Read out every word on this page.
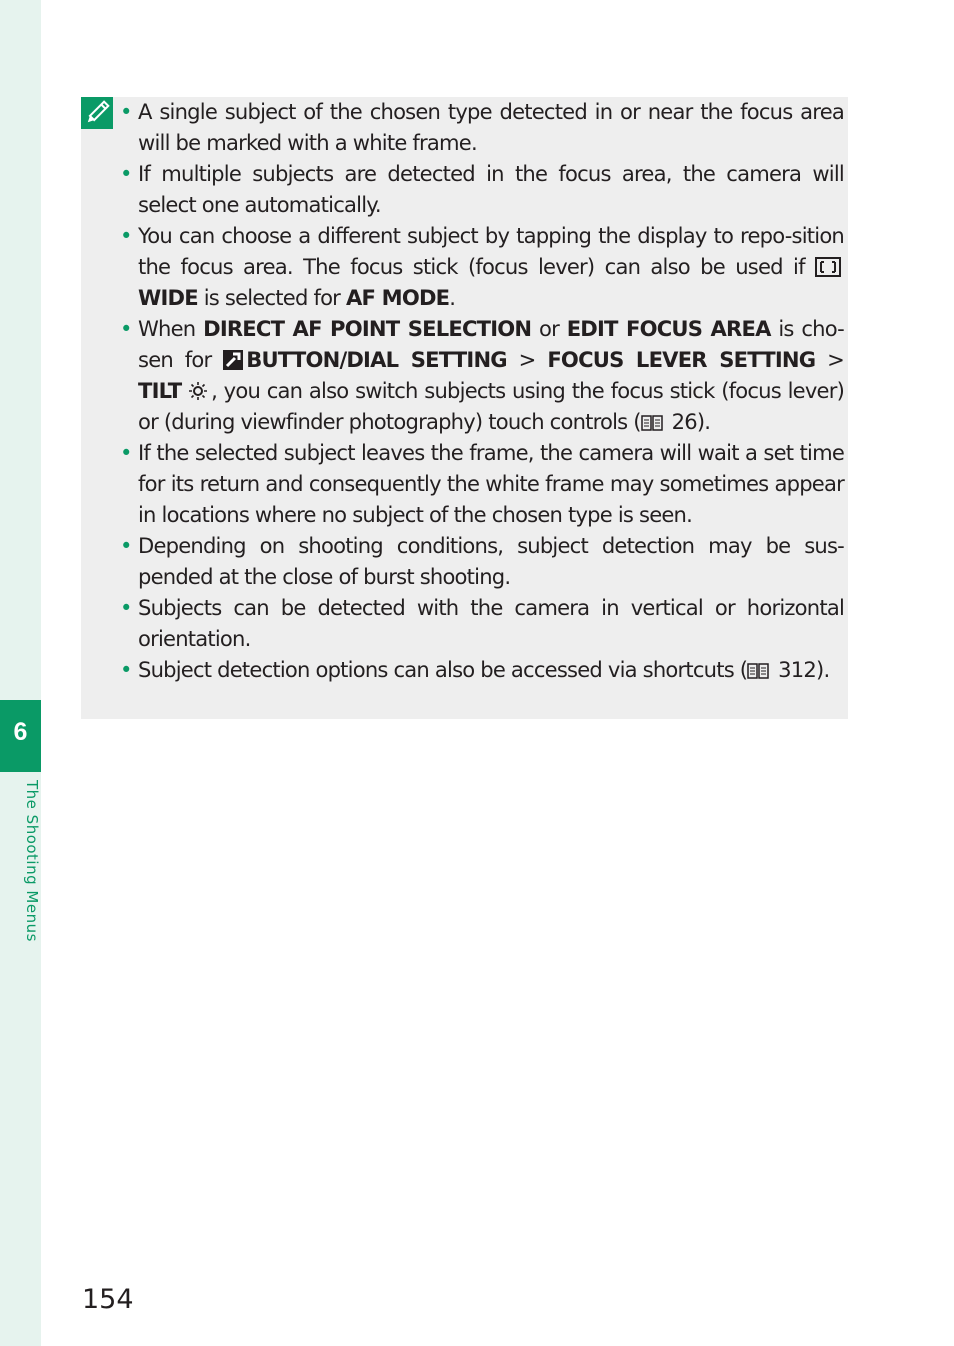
6
The Shooting Menus
• A single subject of the chosen type detected in or near the focus area will be marked with a white frame.
• If multiple subjects are detected in the focus area, the camera will select one automatically.
• You can choose a different subject by tapping the display to repo-sition the focus area. The focus stick (focus lever) can also be used if WIDE is selected for AF MODE.
• When DIRECT AF POINT SELECTION or EDIT FOCUS AREA is cho-sen for BUTTON/DIAL SETTING > FOCUS LEVER SETTING > TILT , you can also switch subjects using the focus stick (focus lever) or (during viewfinder photography) touch controls ( 26).
• If the selected subject leaves the frame, the camera will wait a set time for its return and consequently the white frame may sometimes appear in locations where no subject of the chosen type is seen.
• Depending on shooting conditions, subject detection may be sus-pended at the close of burst shooting.
• Subjects can be detected with the camera in vertical or horizontal orientation.
• Subject detection options can also be accessed via shortcuts ( 312).
154
